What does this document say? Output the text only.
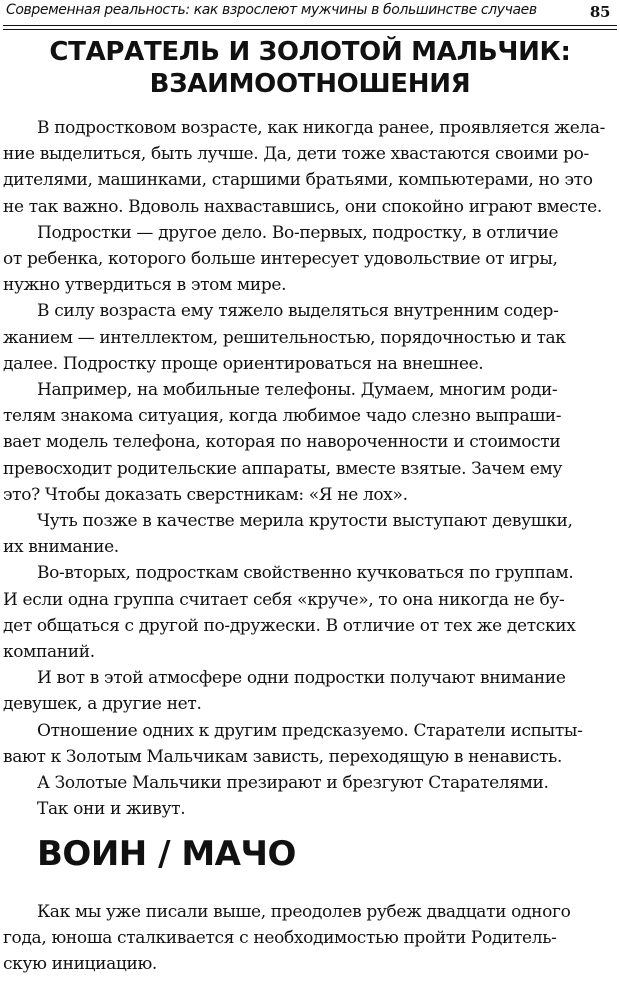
Современная реальность: как взрослеют мужчины в большинстве случаев	85
СТАРАТЕЛЬ И ЗОЛОТОЙ МАЛЬЧИК:
ВЗАИМООТНОШЕНИЯ

В подростковом возрасте, как никогда ранее, проявляется жела-
ние выделиться, быть лучше. Да, дети тоже хвастаются своими ро-
дителями, машинками, старшими братьями, компьютерами, но это
не так важно. Вдоволь нахваставшись, они спокойно играют вместе.

Подростки — другое дело. Во-первых, подростку, в отличие
от ребенка, которого больше интересует удовольствие от игры,
нужно утвердиться в этом мире.

В силу возраста ему тяжело выделяться внутренним содер-
жанием — интеллектом, решительностью, порядочностью и так
далее. Подростку проще ориентироваться на внешнее.

Например, на мобильные телефоны. Думаем, многим роди-
телям знакома ситуация, когда любимое чадо слезно выпраши-
вает модель телефона, которая по навороченности и стоимости
превосходит родительские аппараты, вместе взятые. Зачем ему
это? Чтобы доказать сверстникам: «Я не лох».

Чуть позже в качестве мерила крутости выступают девушки,
их внимание.

Во-вторых, подросткам свойственно кучковаться по группам.
И если одна группа считает себя «круче», то она никогда не бу-
дет общаться с другой по-дружески. В отличие от тех же детских
компаний.

И вот в этой атмосфере одни подростки получают внимание
девушек, а другие нет.

Отношение одних к другим предсказуемо. Старатели испыты-
вают к Золотым Мальчикам зависть, переходящую в ненависть.

А Золотые Мальчики презирают и брезгуют Старателями.

Так они и живут.

ВОИН / МАЧО

Как мы уже писали выше, преодолев рубеж двадцати одного
года, юноша сталкивается с необходимостью пройти Родитель-
скую инициацию.
